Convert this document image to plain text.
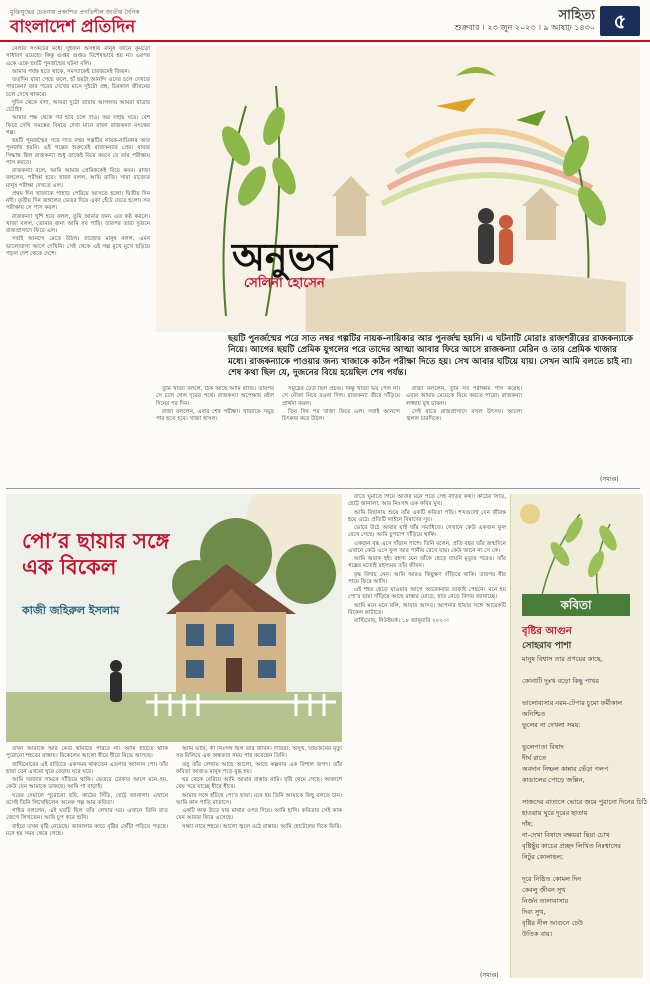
মুক্তিযুদ্ধের চেতনায় প্রকাশিত প্রগতিশীল জাতীয় দৈনিক
বাংলাদেশ প্রতিদিন
সাহিত্য
শুক্রবার । ২৩ জুন ২০২৩ । ৯ আষাঢ় ১৪৩০ ৫

বেলার সংকটের মধ্যে দুইজন অসহায় মানুষ জানে কুমড়ো সাধারণ রয়েছে। কিন্তু গুপ্তর গুপ্তও বিশেষভাবে হয় না। এরপর একে একে ছয়টি পুনর্জন্মের ঘটনা বলি।

আমার পর্যন্ত হতে থাকে, সমস্যাকেই চারজনেই জিয়ন।

ততদিন যারা গেছে ফলে, হাঁ ছয়টা আনন্দি ওদের চলে দেখতে পারবেন? তার পরের দেখের মানে দুইটো প্রশ্ন, চিরকাল জীবনের চলে দেখে থাকবে।

দুদিন থেকে বলা, আমরা দুটো তারায় আগলায় আমরা যাত্রার চেটাই?

আমার পক্ষ থেকে গর্ব হবে চলে দাও। অর সহায় ঘরে। বেশ ফিরে দেখি সমস্তের বিষয়ে দেখা মানে রাজা রাজকন্যা বসন্তের গল্প।

ছয়টি পুনর্জন্মের পরে সাত নম্বর গল্পটির নায়ক-নায়িকার আর পুনর্জন্ম হয়নি। এই গল্পের শুরুতেই রাজকন্যার প্রেম। বাবার সিদ্ধান্ত ছিল রাজকন্যা শুধু তাকেই বিয়ে করবে যে তার পরীক্ষায় পাস করবে।

রাজকন্যা বলে, আমি আমার প্রেমিককেই বিয়ে করব। রাজা বললেন, পরীক্ষা হবে। খাজা বলল, আমি রাজি। সারা রাজ্যের মানুষ পরীক্ষা দেখতে এল।

প্রথম দিন খাজাকে পাহাড় পেরিয়ে আসতে হলো। দ্বিতীয় দিন নদী। তৃতীয় দিন জঙ্গলের ভেতর দিয়ে একা হেঁটে যেতে হলো। সব পরীক্ষায় সে পাস করল।

রাজকন্যা খুশি হয়ে বলল, তুমি আমার জন্য এত কষ্ট করলে। খাজা বলল, তোমার জন্য আমি সব পারি। তারপর তারা দুজনে রাজপ্রাসাদে ফিরে এল।

সবাই আনন্দে মেতে উঠল। রাজ্যের মানুষ বলল, এমন ভালোবাসা আগে দেখিনি। সেই থেকে এই গল্প মুখে মুখে ছড়িয়ে পড়ল দেশ থেকে দেশে।	অনুভব
সেলিনা হোসেন
ছয়টি পুনর্জন্মের পরে সাত নম্বর গল্পটির নায়ক-নায়িকার আর পুনর্জন্ম হয়নি। এ ঘটনাটি মোরাঃ রাজশরীরের রাজকন্যাকে নিয়ে। আগের ছয়টি প্রেমিক যুগলের পরে তাদের আত্মা আবার ফিরে আসে রাজকন্যা মেরিন ও তার প্রেমিক খাজার মধ্যে। রাজকন্যাকে পাওয়ার জন্য খাজাকে কঠিন পরীক্ষা দিতে হয়। সেখ আবার ঘটিয়ে যায়। সেখন আমি বলতে চাই না। শেষ কথা ছিল যে, দুজনের বিয়ে হয়েছিল শেষ পর্যন্ত।

তুমি খাজা বললে, ঠিক আছে আমি রাজি। তারপর সে চলে গেল দূরের পথে। রাজকন্যা অপেক্ষায় রইল দিনের পর দিন।

রাজা বললেন, এবার শেষ পরীক্ষা। খাজাকে সমুদ্র পার হতে হবে। খাজা হাসল।

সমুদ্রের ঢেউ ছিল প্রচণ্ড। কিন্তু খাজা ভয় পেল না। সে নৌকা নিয়ে রওনা দিল। রাজকন্যা তীরে দাঁড়িয়ে প্রার্থনা করল।

তিন দিন পর খাজা ফিরে এল। সবাই আনন্দে চিৎকার করে উঠল।

রাজা বললেন, তুমি সব পরীক্ষায় পাস করেছ। এবার আমার মেয়েকে বিয়ে করতে পারো। রাজকন্যা লজ্জায় মুখ ঢাকল।

সেই রাতে রাজপ্রাসাদে বসল উৎসব। আলো জ্বলল চারদিকে।

(সমাপ্ত)
পো’র ছায়ার সঙ্গে এক বিকেল
কাজী জহিরুল ইসলাম

তখন আমাকে আর কেউ থামাতে পারবে না। আমি হাঁটতে থাকি পুরোনো শহরের রাস্তায়। বিকেলের আলো ধীরে ধীরে নিভে আসছে।

বাল্টিমোরের এই বাড়িতে একসময় থাকতেন এডগার অ্যালান পো। তাঁর ছায়া যেন এখনো ঘুরে বেড়ায় ঘরে ঘরে।

আমি দরজার সামনে দাঁড়িয়ে থাকি। ভেতরে ঢোকার আগে মনে হয়, কেউ যেন আমাকে ডাকছে। আমি পা বাড়াই।

ঘরের দেয়ালে পুরোনো ছবি, কাঠের সিঁড়ি, ছোট্ট জানালা। এখানে বসেই তিনি লিখেছিলেন অনেক গল্প আর কবিতা।

গাইড বললেন, এই ঘরটি ছিল তাঁর লেখার ঘর। এখানে তিনি রাত জেগে লিখতেন। আমি চুপ করে শুনি।

বাইরে তখন বৃষ্টি নেমেছে। জানালার কাচে বৃষ্টির ফোঁটা গড়িয়ে পড়ছে। মনে হয় সময় থেমে গেছে।

আমি ভাবি, কী নিঃসঙ্গ ছিল তাঁর জীবন। দারিদ্র্য, অসুখ, প্রিয়জনের মৃত্যু সব মিলিয়ে এক অন্ধকার সময় পার করেছেন তিনি।

তবু তাঁর লেখায় আছে আলো, আছে কল্পনার এক বিশাল জগৎ। তাঁর কবিতা আজও মানুষ পড়ে মুগ্ধ হয়।

ঘর থেকে বেরিয়ে আমি আবার রাস্তায় নামি। বৃষ্টি থেমে গেছে। আকাশে মেঘ সরে যাচ্ছে ধীরে ধীরে।

আমার সঙ্গে হাঁটছে পো’র ছায়া। মনে হয় তিনি আমাকে কিছু বলতে চান। আমি কান পাতি বাতাসে।

একটি কাক উড়ে যায় মাথার ওপর দিয়ে। আমি হাসি। কবিতার সেই কাক যেন আবার ফিরে এসেছে।

সন্ধ্যা নামে শহরে। আলো জ্বলে ওঠে রাস্তায়। আমি হোটেলের দিকে ফিরি।

রাতে ঘুমাতে গিয়ে আবার মনে পড়ে সেই বাড়ির কথা। কাঠের সিঁড়ি, ছোট্ট জানালা, আর নিঃসঙ্গ এক কবির মুখ।

আমি বিছানায় শুয়ে তাঁর একটি কবিতা পড়ি। শব্দগুলো যেন জীবন্ত হয়ে ওঠে। প্রতিটি লাইনে বিষাদের সুর।

ভোরে উঠে আবার যাই তাঁর সমাধিতে। সেখানে কেউ একজন ফুল রেখে গেছে। আমি চুপচাপ দাঁড়িয়ে থাকি।

একজন বৃদ্ধ এসে দাঁড়ান পাশে। তিনি বলেন, প্রতি বছর তাঁর জন্মদিনে এখানে কেউ এসে ফুল আর পানীয় রেখে যায়। কেউ জানে না সে কে।

আমি অবাক হই। রহস্য যেন তাঁকে ছেড়ে যায়নি মৃত্যুর পরেও। তাঁর গল্পের মতোই রহস্যময় তাঁর জীবন।

বৃদ্ধ বিদায় নেন। আমি আরও কিছুক্ষণ দাঁড়িয়ে থাকি। তারপর ধীর পায়ে ফিরে আসি।

এই শহর ছেড়ে যাওয়ার আগে আরেকবার তাকাই পেছনে। মনে হয় পো’র ছায়া দাঁড়িয়ে আছে রাস্তার মোড়ে, হাত নেড়ে বিদায় জানাচ্ছে।

আমি মনে মনে বলি, আবার আসব। আপনার ছায়ার সঙ্গে আরেকটি বিকেল কাটাতে।

বাল্টিমোর, নিউইয়র্ক। ১৮ জানুয়ারি ২০২৩।

(সমাপ্ত)
কবিতা
বৃষ্টির আগুন
সোহরাব পাশা
মানুষ বিশ্বাস তার প্রণয়ের কাছে,

কোনাটি দুঃখ বড়ো কিছু পাখর

ভালোবাসার নরম-টেপার চুমো ফর্মীকাল
অনিশ্চিত
ভুলের না দেখলা সময়:

ভুলেপাতা বিষাদ
দীর্ঘ রাতে
অবদান নিষ্ফল কান্নার ভেঁড়া গলপ
কাঙালের পোড়ে জল্লিন,

সাজদের বাতাসে ভোরে জমে পুরানো দিনের চিঠি
হাওয়ায় ঘুরে দূরের ছাতায়
দাঁষ;
না-দেখা বিষাদে বক্ষয়রা ছিয়া চোখ
বৃষ্টিছুঁয় কাচের প্রচ্ছদ লিখিত নিঃশ্বাসের
নিটুর কোলাহল;

দূরে নিষ্ঠিত কোমল দিন
কেবলু জীবন সুখ
নির্জন তালাবাসার
দিব্য সুখ,
বৃষ্টির নীল আগুনে ঢেউ
উতিক বায়।
